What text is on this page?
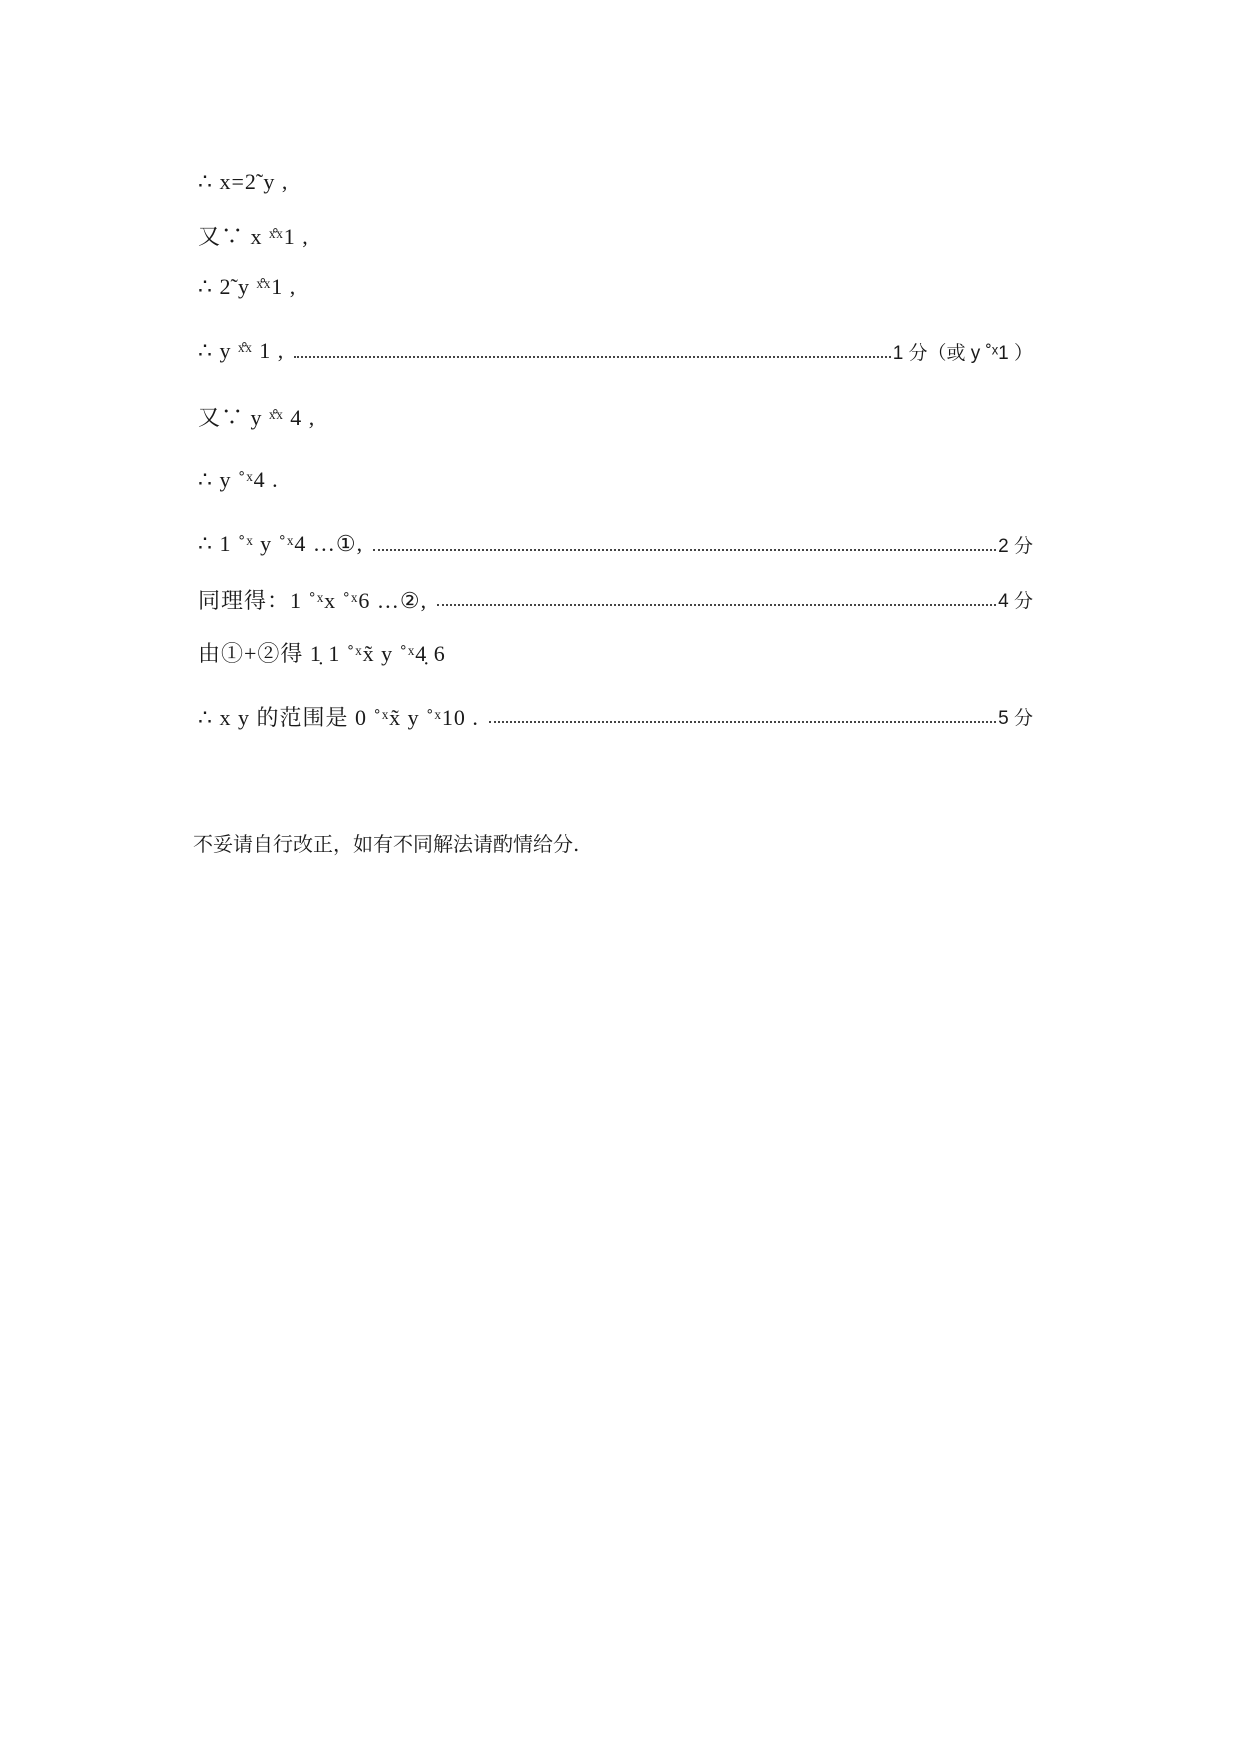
∴ x=2̃ y ,
又∵ x ˣ̊ˣ1 ,
∴ 2̃ y ˣ̊ˣ1 ,
∴ y ˣ̊ˣ 1 ,	1 分（或 y ˚ˣ1 ）
又∵ y ˣ̊ˣ 4 ,
∴ y ˚ˣ4 .
∴ 1 ˚ˣ y ˚ˣ4 …①,	2 分
同理得：1 ˚ˣx ˚ˣ6 …②,	4 分
由①+②得 1̣ 1 ˚ˣx̃ y ˚ˣ4̣ 6
∴ x y 的范围是 0 ˚ˣx̃ y ˚ˣ10 .	5 分
不妥请自行改正，如有不同解法请酌情给分.
